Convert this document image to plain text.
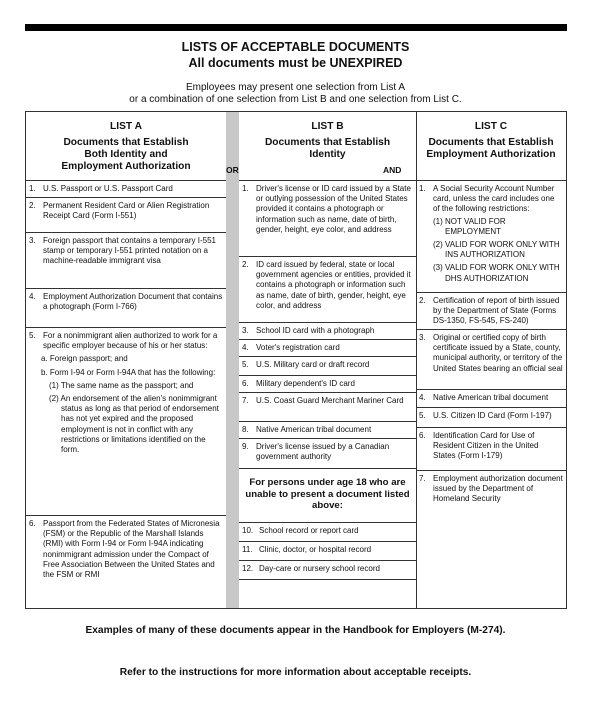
LISTS OF ACCEPTABLE DOCUMENTS
All documents must be UNEXPIRED
Employees may present one selection from List A
or a combination of one selection from List B and one selection from List C.
LIST A
Documents that Establish
Both Identity and
Employment Authorization
1. U.S. Passport or U.S. Passport Card
2. Permanent Resident Card or Alien Registration Receipt Card (Form I-551)
3. Foreign passport that contains a temporary I-551 stamp or temporary I-551 printed notation on a machine-readable immigrant visa
4. Employment Authorization Document that contains a photograph (Form I-766)
5. For a nonimmigrant alien authorized to work for a specific employer because of his or her status:
a. Foreign passport; and
b. Form I-94 or Form I-94A that has the following:
(1) The same name as the passport; and
(2) An endorsement of the alien's nonimmigrant status as long as that period of endorsement has not yet expired and the proposed employment is not in conflict with any restrictions or limitations identified on the form.
6. Passport from the Federated States of Micronesia (FSM) or the Republic of the Marshall Islands (RMI) with Form I-94 or Form I-94A indicating nonimmigrant admission under the Compact of Free Association Between the United States and the FSM or RMI
OR
LIST B
Documents that Establish
Identity
1. Driver's license or ID card issued by a State or outlying possession of the United States provided it contains a photograph or information such as name, date of birth, gender, height, eye color, and address
2. ID card issued by federal, state or local government agencies or entities, provided it contains a photograph or information such as name, date of birth, gender, height, eye color, and address
3. School ID card with a photograph
4. Voter's registration card
5. U.S. Military card or draft record
6. Military dependent's ID card
7. U.S. Coast Guard Merchant Mariner Card
8. Native American tribal document
9. Driver's license issued by a Canadian government authority
For persons under age 18 who are unable to present a document listed above:
10. School record or report card
11. Clinic, doctor, or hospital record
12. Day-care or nursery school record
AND
LIST C
Documents that Establish
Employment Authorization
1. A Social Security Account Number card, unless the card includes one of the following restrictions:
(1) NOT VALID FOR EMPLOYMENT
(2) VALID FOR WORK ONLY WITH INS AUTHORIZATION
(3) VALID FOR WORK ONLY WITH DHS AUTHORIZATION
2. Certification of report of birth issued by the Department of State (Forms DS-1350, FS-545, FS-240)
3. Original or certified copy of birth certificate issued by a State, county, municipal authority, or territory of the United States bearing an official seal
4. Native American tribal document
5. U.S. Citizen ID Card (Form I-197)
6. Identification Card for Use of Resident Citizen in the United States (Form I-179)
7. Employment authorization document issued by the Department of Homeland Security
Examples of many of these documents appear in the Handbook for Employers (M-274).
Refer to the instructions for more information about acceptable receipts.
